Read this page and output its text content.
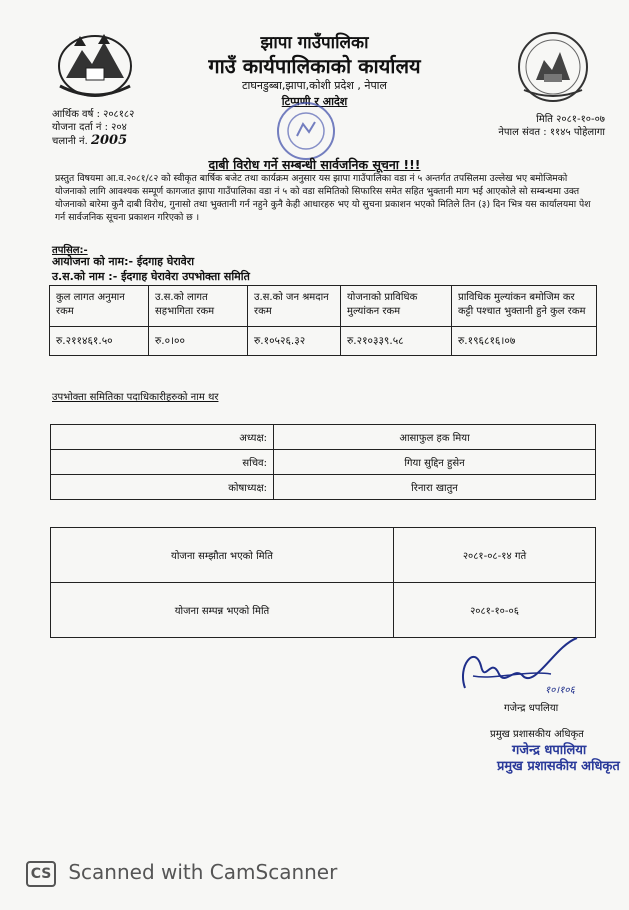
झापा गाउँपालिका
गाउँ कार्यपालिकाको कार्यालय
टाघनडुब्बा,झापा,कोशी प्रदेश , नेपाल
टिप्पणी र आदेश
आर्थिक वर्ष : २०८१८२
योजना दर्ता नं : २०४
चलानी नं. 2005
मिति २०८१-१०-०७
नेपाल संवत : ११४५ पोहेलागा
दाबी विरोध गर्ने सम्बन्धी सार्वजनिक सूचना !!!
प्रस्तुत विषयमा आ.व.२०८१/८२ को स्वीकृत बार्षिक बजेट तथा कार्यक्रम अनुसार यस झापा गाउँपालिका वडा नं ५ अन्तर्गत तपसिलमा उल्लेख भए बमोजिमको योजनाको लागि आवश्यक सम्पूर्ण कागजात झापा गाउँपालिका वडा नं ५ को वडा समितिको सिफारिस समेत सहित भुक्तानी माग भई आएकोले सो सम्बन्धमा उक्त योजनाको बारेमा कुनै दाबी विरोध, गुनासो तथा भुक्तानी गर्न नहुने कुनै केही आधारहरु भए यो सुचना प्रकाशन भएको मितिले तिन (३) दिन भित्र यस कार्यालयमा पेश गर्न सार्वजनिक सूचना प्रकाशन गरिएको छ ।
तपसिल:-
आयोजना को नाम:- ईदगाह घेरावेरा
उ.स.को नाम :- ईदगाह घेरावेरा उपभोक्ता समिति
कुल लागत अनुमान रकम	उ.स.को लागत सहभागिता रकम	उ.स.को जन श्रमदान रकम	योजनाको प्राविधिक मुल्यांकन रकम	प्राविधिक मुल्यांकन बमोजिम कर कट्टी पश्चात भुक्तानी हुने कुल रकम
रु.२११४६१.५०	रु.०।००	रु.१०५२६.३२	रु.२१०३३९.५८	रु.१९६८१६।०७
उपभोक्ता समितिका पदाधिकारीहरुको नाम थर
अध्यक्ष:	आसाफुल हक मिया
सचिव:	गिया सुद्दिन हुसेन
कोषाध्यक्ष:	रिनारा खातुन
योजना सम्झौता भएको मिति	२०८१-०८-१४ गते
योजना सम्पन्न भएको मिति	२०८१-१०-०६
१०।१०६
गजेन्द्र धपलिया
प्रमुख प्रशासकीय अधिकृत
गजेन्द्र धपालिया
प्रमुख प्रशासकीय अधिकृत
CS Scanned with CamScanner
